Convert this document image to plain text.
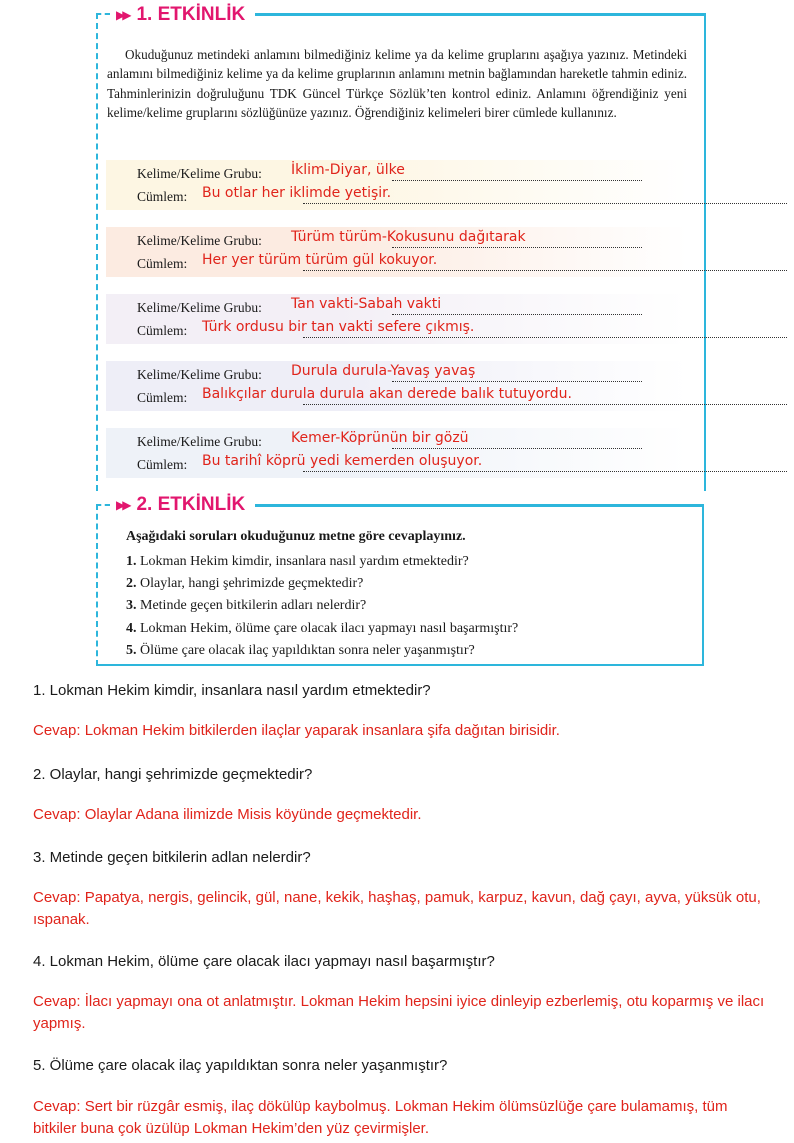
▶▶ 1. ETKİNLİK

Okuduğunuz metindeki anlamını bilmediğiniz kelime ya da kelime gruplarını aşağıya yazınız. Metindeki anlamını bilmediğiniz kelime ya da kelime gruplarının anlamını metnin bağlamından hareketle tahmin ediniz. Tahminlerinizin doğruluğunu TDK Güncel Türkçe Sözlük’ten kontrol ediniz. Anlamını öğrendiğiniz yeni kelime/kelime gruplarını sözlüğünüze yazınız. Öğrendiğiniz kelimeleri birer cümlede kullanınız.

Kelime/Kelime Grubu: İklim-Diyar, ülke
Cümlem: Bu otlar her iklimde yetişir.
Kelime/Kelime Grubu: Türüm türüm-Kokusunu dağıtarak
Cümlem: Her yer türüm türüm gül kokuyor.
Kelime/Kelime Grubu: Tan vakti-Sabah vakti
Cümlem: Türk ordusu bir tan vakti sefere çıkmış.
Kelime/Kelime Grubu: Durula durula-Yavaş yavaş
Cümlem: Balıkçılar durula durula akan derede balık tutuyordu.
Kelime/Kelime Grubu: Kemer-Köprünün bir gözü
Cümlem: Bu tarihî köprü yedi kemerden oluşuyor.
▶▶ 2. ETKİNLİK
Aşağıdaki soruları okuduğunuz metne göre cevaplayınız.
1. Lokman Hekim kimdir, insanlara nasıl yardım etmektedir?
2. Olaylar, hangi şehrimizde geçmektedir?
3. Metinde geçen bitkilerin adları nelerdir?
4. Lokman Hekim, ölüme çare olacak ilacı yapmayı nasıl başarmıştır?
5. Ölüme çare olacak ilaç yapıldıktan sonra neler yaşanmıştır?
1. Lokman Hekim kimdir, insanlara nasıl yardım etmektedir?
Cevap: Lokman Hekim bitkilerden ilaçlar yaparak insanlara şifa dağıtan birisidir.
2. Olaylar, hangi şehrimizde geçmektedir?
Cevap: Olaylar Adana ilimizde Misis köyünde geçmektedir.
3. Metinde geçen bitkilerin adlan nelerdir?
Cevap: Papatya, nergis, gelincik, gül, nane, kekik, haşhaş, pamuk, karpuz, kavun, dağ çayı, ayva, yüksük otu, ıspanak.
4. Lokman Hekim, ölüme çare olacak ilacı yapmayı nasıl başarmıştır?
Cevap: İlacı yapmayı ona ot anlatmıştır. Lokman Hekim hepsini iyice dinleyip ezberlemiş, otu koparmış ve ilacı yapmış.
5. Ölüme çare olacak ilaç yapıldıktan sonra neler yaşanmıştır?
Cevap: Sert bir rüzgâr esmiş, ilaç dökülüp kaybolmuş. Lokman Hekim ölümsüzlüğe çare bulamamış, tüm bitkiler buna çok üzülüp Lokman Hekim’den yüz çevirmişler.
